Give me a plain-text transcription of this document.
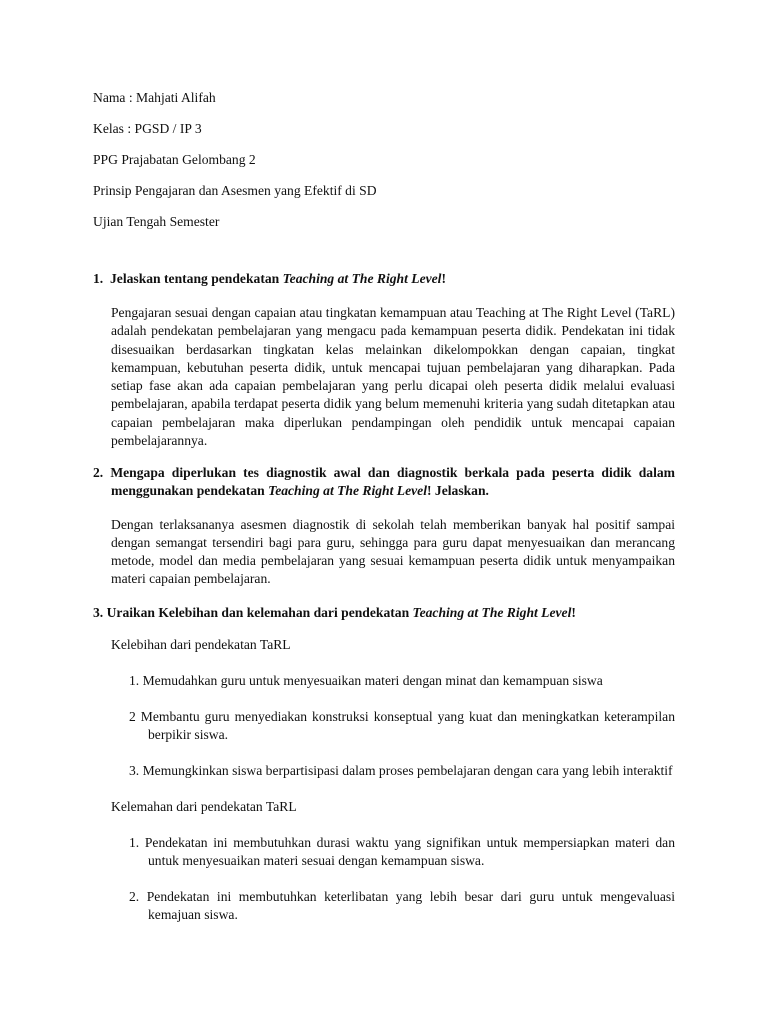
Nama : Mahjati Alifah
Kelas : PGSD / IP 3
PPG Prajabatan Gelombang 2
Prinsip Pengajaran dan Asesmen yang Efektif di SD
Ujian Tengah Semester

1. Jelaskan tentang pendekatan Teaching at The Right Level!

Pengajaran sesuai dengan capaian atau tingkatan kemampuan atau Teaching at The Right Level (TaRL) adalah pendekatan pembelajaran yang mengacu pada kemampuan peserta didik. Pendekatan ini tidak disesuaikan berdasarkan tingkatan kelas melainkan dikelompokkan dengan capaian, tingkat kemampuan, kebutuhan peserta didik, untuk mencapai tujuan pembelajaran yang diharapkan. Pada setiap fase akan ada capaian pembelajaran yang perlu dicapai oleh peserta didik melalui evaluasi pembelajaran, apabila terdapat peserta didik yang belum memenuhi kriteria yang sudah ditetapkan atau capaian pembelajaran maka diperlukan pendampingan oleh pendidik untuk mencapai capaian pembelajarannya.

2. Mengapa diperlukan tes diagnostik awal dan diagnostik berkala pada peserta didik dalam menggunakan pendekatan Teaching at The Right Level! Jelaskan.

Dengan terlaksananya asesmen diagnostik di sekolah telah memberikan banyak hal positif sampai dengan semangat tersendiri bagi para guru, sehingga para guru dapat menyesuaikan dan merancang metode, model dan media pembelajaran yang sesuai kemampuan peserta didik untuk menyampaikan materi capaian pembelajaran.

3. Uraikan Kelebihan dan kelemahan dari pendekatan Teaching at The Right Level!

Kelebihan dari pendekatan TaRL

1. Memudahkan guru untuk menyesuaikan materi dengan minat dan kemampuan siswa

2 Membantu guru menyediakan konstruksi konseptual yang kuat dan meningkatkan keterampilan berpikir siswa.

3. Memungkinkan siswa berpartisipasi dalam proses pembelajaran dengan cara yang lebih interaktif

Kelemahan dari pendekatan TaRL

1. Pendekatan ini membutuhkan durasi waktu yang signifikan untuk mempersiapkan materi dan untuk menyesuaikan materi sesuai dengan kemampuan siswa.

2. Pendekatan ini membutuhkan keterlibatan yang lebih besar dari guru untuk mengevaluasi kemajuan siswa.
